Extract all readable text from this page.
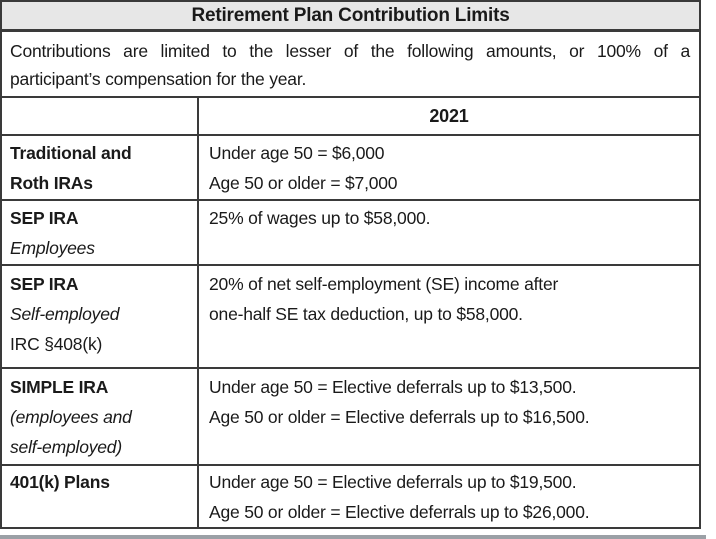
Retirement Plan Contribution Limits
Contributions are limited to the lesser of the following amounts, or 100% of a
participant’s compensation for the year.
2021
Traditional and
Roth IRAs
Under age 50 = $6,000
Age 50 or older = $7,000
SEP IRA
Employees
25% of wages up to $58,000.
SEP IRA
Self-employed
IRC §408(k)
20% of net self-employment (SE) income after
one-half SE tax deduction, up to $58,000.
SIMPLE IRA
(employees and
self-employed)
Under age 50 = Elective deferrals up to $13,500.
Age 50 or older = Elective deferrals up to $16,500.
401(k) Plans	Under age 50 = Elective deferrals up to $19,500.
Age 50 or older = Elective deferrals up to $26,000.
